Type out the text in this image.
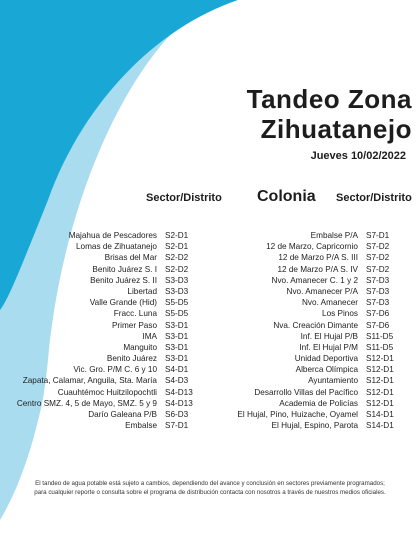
Tandeo Zona
Zihuatanejo
Jueves 10/02/2022
Sector/Distrito Colonia Sector/Distrito
Majahua de Pescadores S2-D1
Lomas de Zihuatanejo S2-D1
Brisas del Mar S2-D2
Benito Juárez S. I S2-D2
Benito Juárez S. II S3-D3
Libertad S3-D3
Valle Grande (Hid) S5-D5
Fracc. Luna S5-D5
Primer Paso S3-D1
IMA S3-D1
Manguito S3-D1
Benito Juárez S3-D1
Vic. Gro. P/M C. 6 y 10 S4-D1
Zapata, Calamar, Anguila, Sta. María S4-D3
Cuauhtémoc Huitzilopochtli S4-D13
Centro SMZ. 4, 5 de Mayo, SMZ. 5 y 9 S4-D13
Darío Galeana P/B S6-D3
Embalse S7-D1
Embalse P/A S7-D1
12 de Marzo, Capricornio S7-D2
12 de Marzo P/A S. III S7-D2
12 de Marzo P/A S. IV S7-D2
Nvo. Amanecer C. 1 y 2 S7-D3
Nvo. Amanecer P/A S7-D3
Nvo. Amanecer S7-D3
Los Pinos S7-D6
Nva. Creación Dimante S7-D6
Inf. El Hujal P/B S11-D5
Inf. El Hujal P/M S11-D5
Unidad Deportiva S12-D1
Alberca Olímpica S12-D1
Ayuntamiento S12-D1
Desarrollo Villas del Pacífico S12-D1
Academia de Policías S12-D1
El Hujal, Pino, Huizache, Oyamel S14-D1
El Hujal, Espino, Parota S14-D1
El tandeo de agua potable está sujeto a cambios, dependiendo del avance y conclusión en sectores previamente programados; para cualquier reporte o consulta sobre el programa de distribución contacta con nosotros a través de nuestros medios oficiales.
